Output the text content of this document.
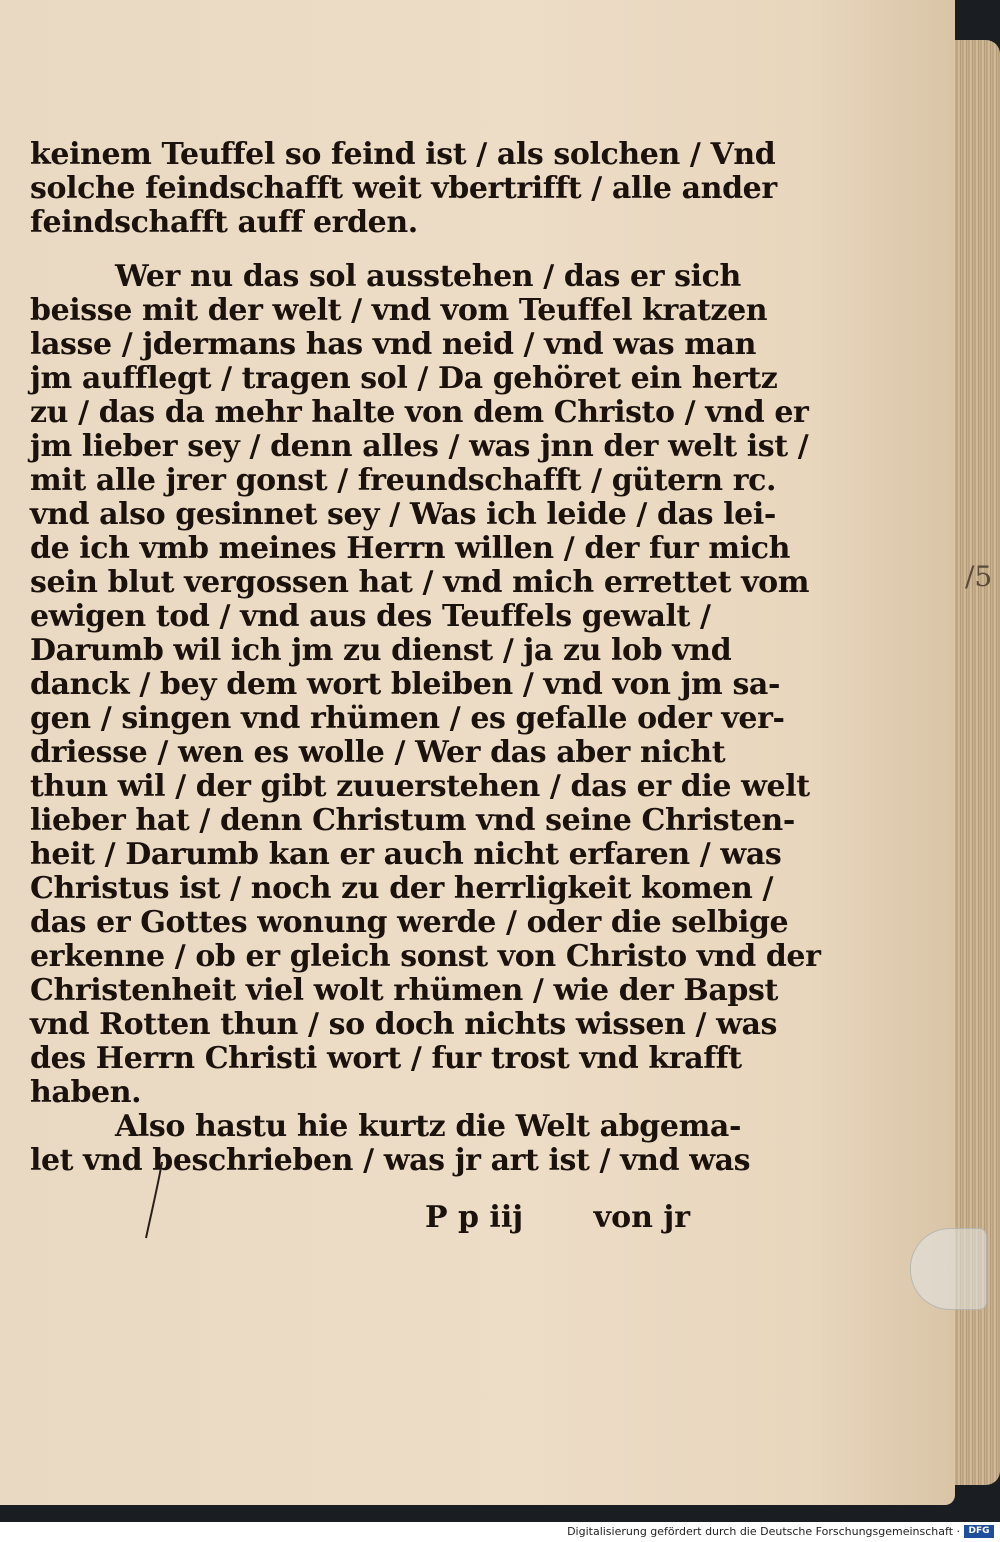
keinem Teuffel so feind ist / als solchen / Vnd
solche feindschafft weit vbertrifft / alle ander
feindschafft auff erden.
Wer nu das sol ausstehen / das er sich
beisse mit der welt / vnd vom Teuffel kratzen
lasse / jdermans has vnd neid / vnd was man
jm aufflegt / tragen sol / Da gehöret ein hertz
zu / das da mehr halte von dem Christo / vnd er
jm lieber sey / denn alles / was jnn der welt ist /
mit alle jrer gonst / freundschafft / gütern rc.
vnd also gesinnet sey / Was ich leide / das lei-
de ich vmb meines Herrn willen / der fur mich
sein blut vergossen hat / vnd mich errettet vom
ewigen tod / vnd aus des Teuffels gewalt /
Darumb wil ich jm zu dienst / ja zu lob vnd
danck / bey dem wort bleiben / vnd von jm sa-
gen / singen vnd rhümen / es gefalle oder ver-
driesse / wen es wolle / Wer das aber nicht
thun wil / der gibt zuuerstehen / das er die welt
lieber hat / denn Christum vnd seine Christen-
heit / Darumb kan er auch nicht erfaren / was
Christus ist / noch zu der herrligkeit komen /
das er Gottes wonung werde / oder die selbige
erkenne / ob er gleich sonst von Christo vnd der
Christenheit viel wolt rhümen / wie der Bapst
vnd Rotten thun / so doch nichts wissen / was
des Herrn Christi wort / fur trost vnd krafft
haben.
Also hastu hie kurtz die Welt abgema-
let vnd beschrieben / was jr art ist / vnd was
P p iij von jr
/5
Digitalisierung gefördert durch die Deutsche Forschungsgemeinschaft · DFG
